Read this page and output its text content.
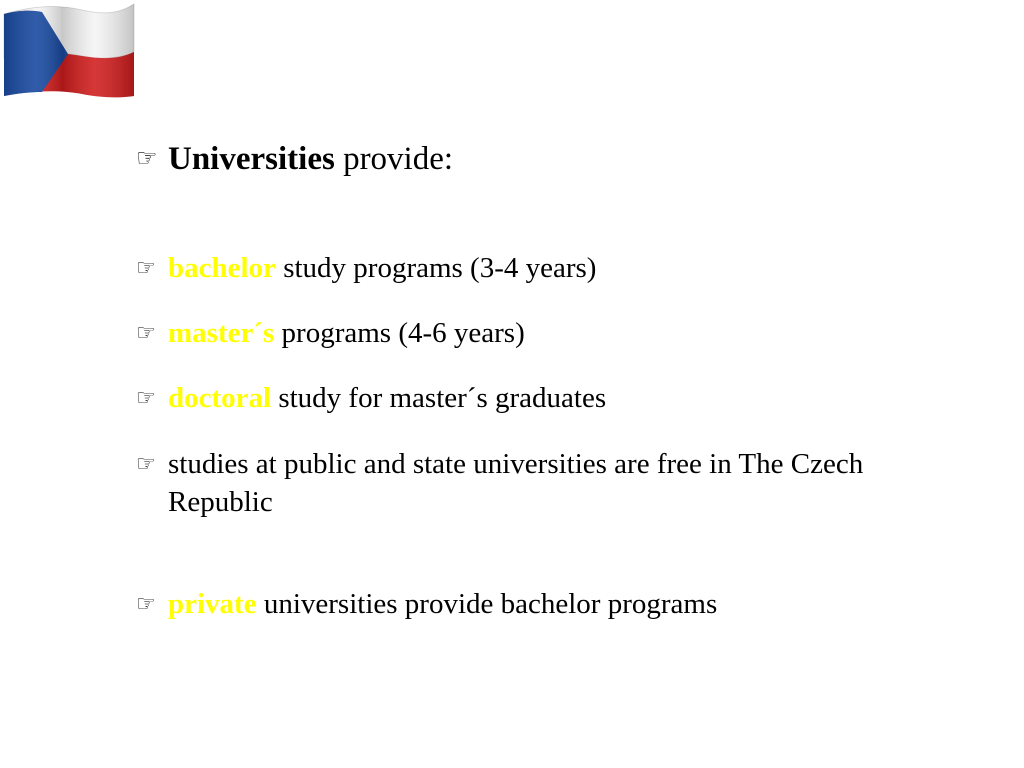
☞ Universities provide:
☞ bachelor study programs (3-4 years)
☞ master´s programs (4-6 years)
☞ doctoral study for master´s graduates
☞ studies at public and state universities are free in The Czech Republic
☞ private universities provide bachelor programs
